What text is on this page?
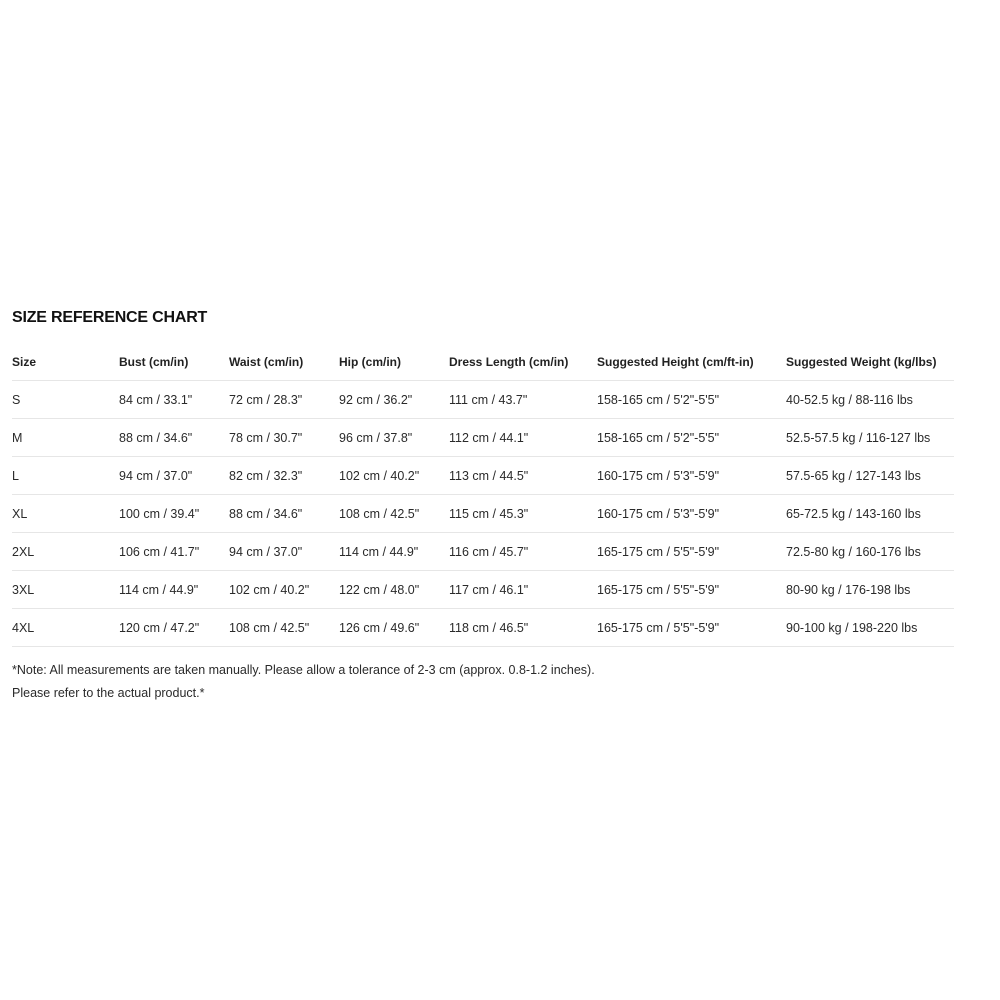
SIZE REFERENCE CHART
Size	Bust (cm/in)	Waist (cm/in)	Hip (cm/in)	Dress Length (cm/in)	Suggested Height (cm/ft-in)	Suggested Weight (kg/lbs)
S	84 cm / 33.1"	72 cm / 28.3"	92 cm / 36.2"	111 cm / 43.7"	158-165 cm / 5'2"-5'5"	40-52.5 kg / 88-116 lbs
M	88 cm / 34.6"	78 cm / 30.7"	96 cm / 37.8"	112 cm / 44.1"	158-165 cm / 5'2"-5'5"	52.5-57.5 kg / 116-127 lbs
L	94 cm / 37.0"	82 cm / 32.3"	102 cm / 40.2"	113 cm / 44.5"	160-175 cm / 5'3"-5'9"	57.5-65 kg / 127-143 lbs
XL	100 cm / 39.4"	88 cm / 34.6"	108 cm / 42.5"	115 cm / 45.3"	160-175 cm / 5'3"-5'9"	65-72.5 kg / 143-160 lbs
2XL	106 cm / 41.7"	94 cm / 37.0"	114 cm / 44.9"	116 cm / 45.7"	165-175 cm / 5'5"-5'9"	72.5-80 kg / 160-176 lbs
3XL	114 cm / 44.9"	102 cm / 40.2"	122 cm / 48.0"	117 cm / 46.1"	165-175 cm / 5'5"-5'9"	80-90 kg / 176-198 lbs
4XL	120 cm / 47.2"	108 cm / 42.5"	126 cm / 49.6"	118 cm / 46.5"	165-175 cm / 5'5"-5'9"	90-100 kg / 198-220 lbs
*Note: All measurements are taken manually. Please allow a tolerance of 2-3 cm (approx. 0.8-1.2 inches). Please refer to the actual product.*
